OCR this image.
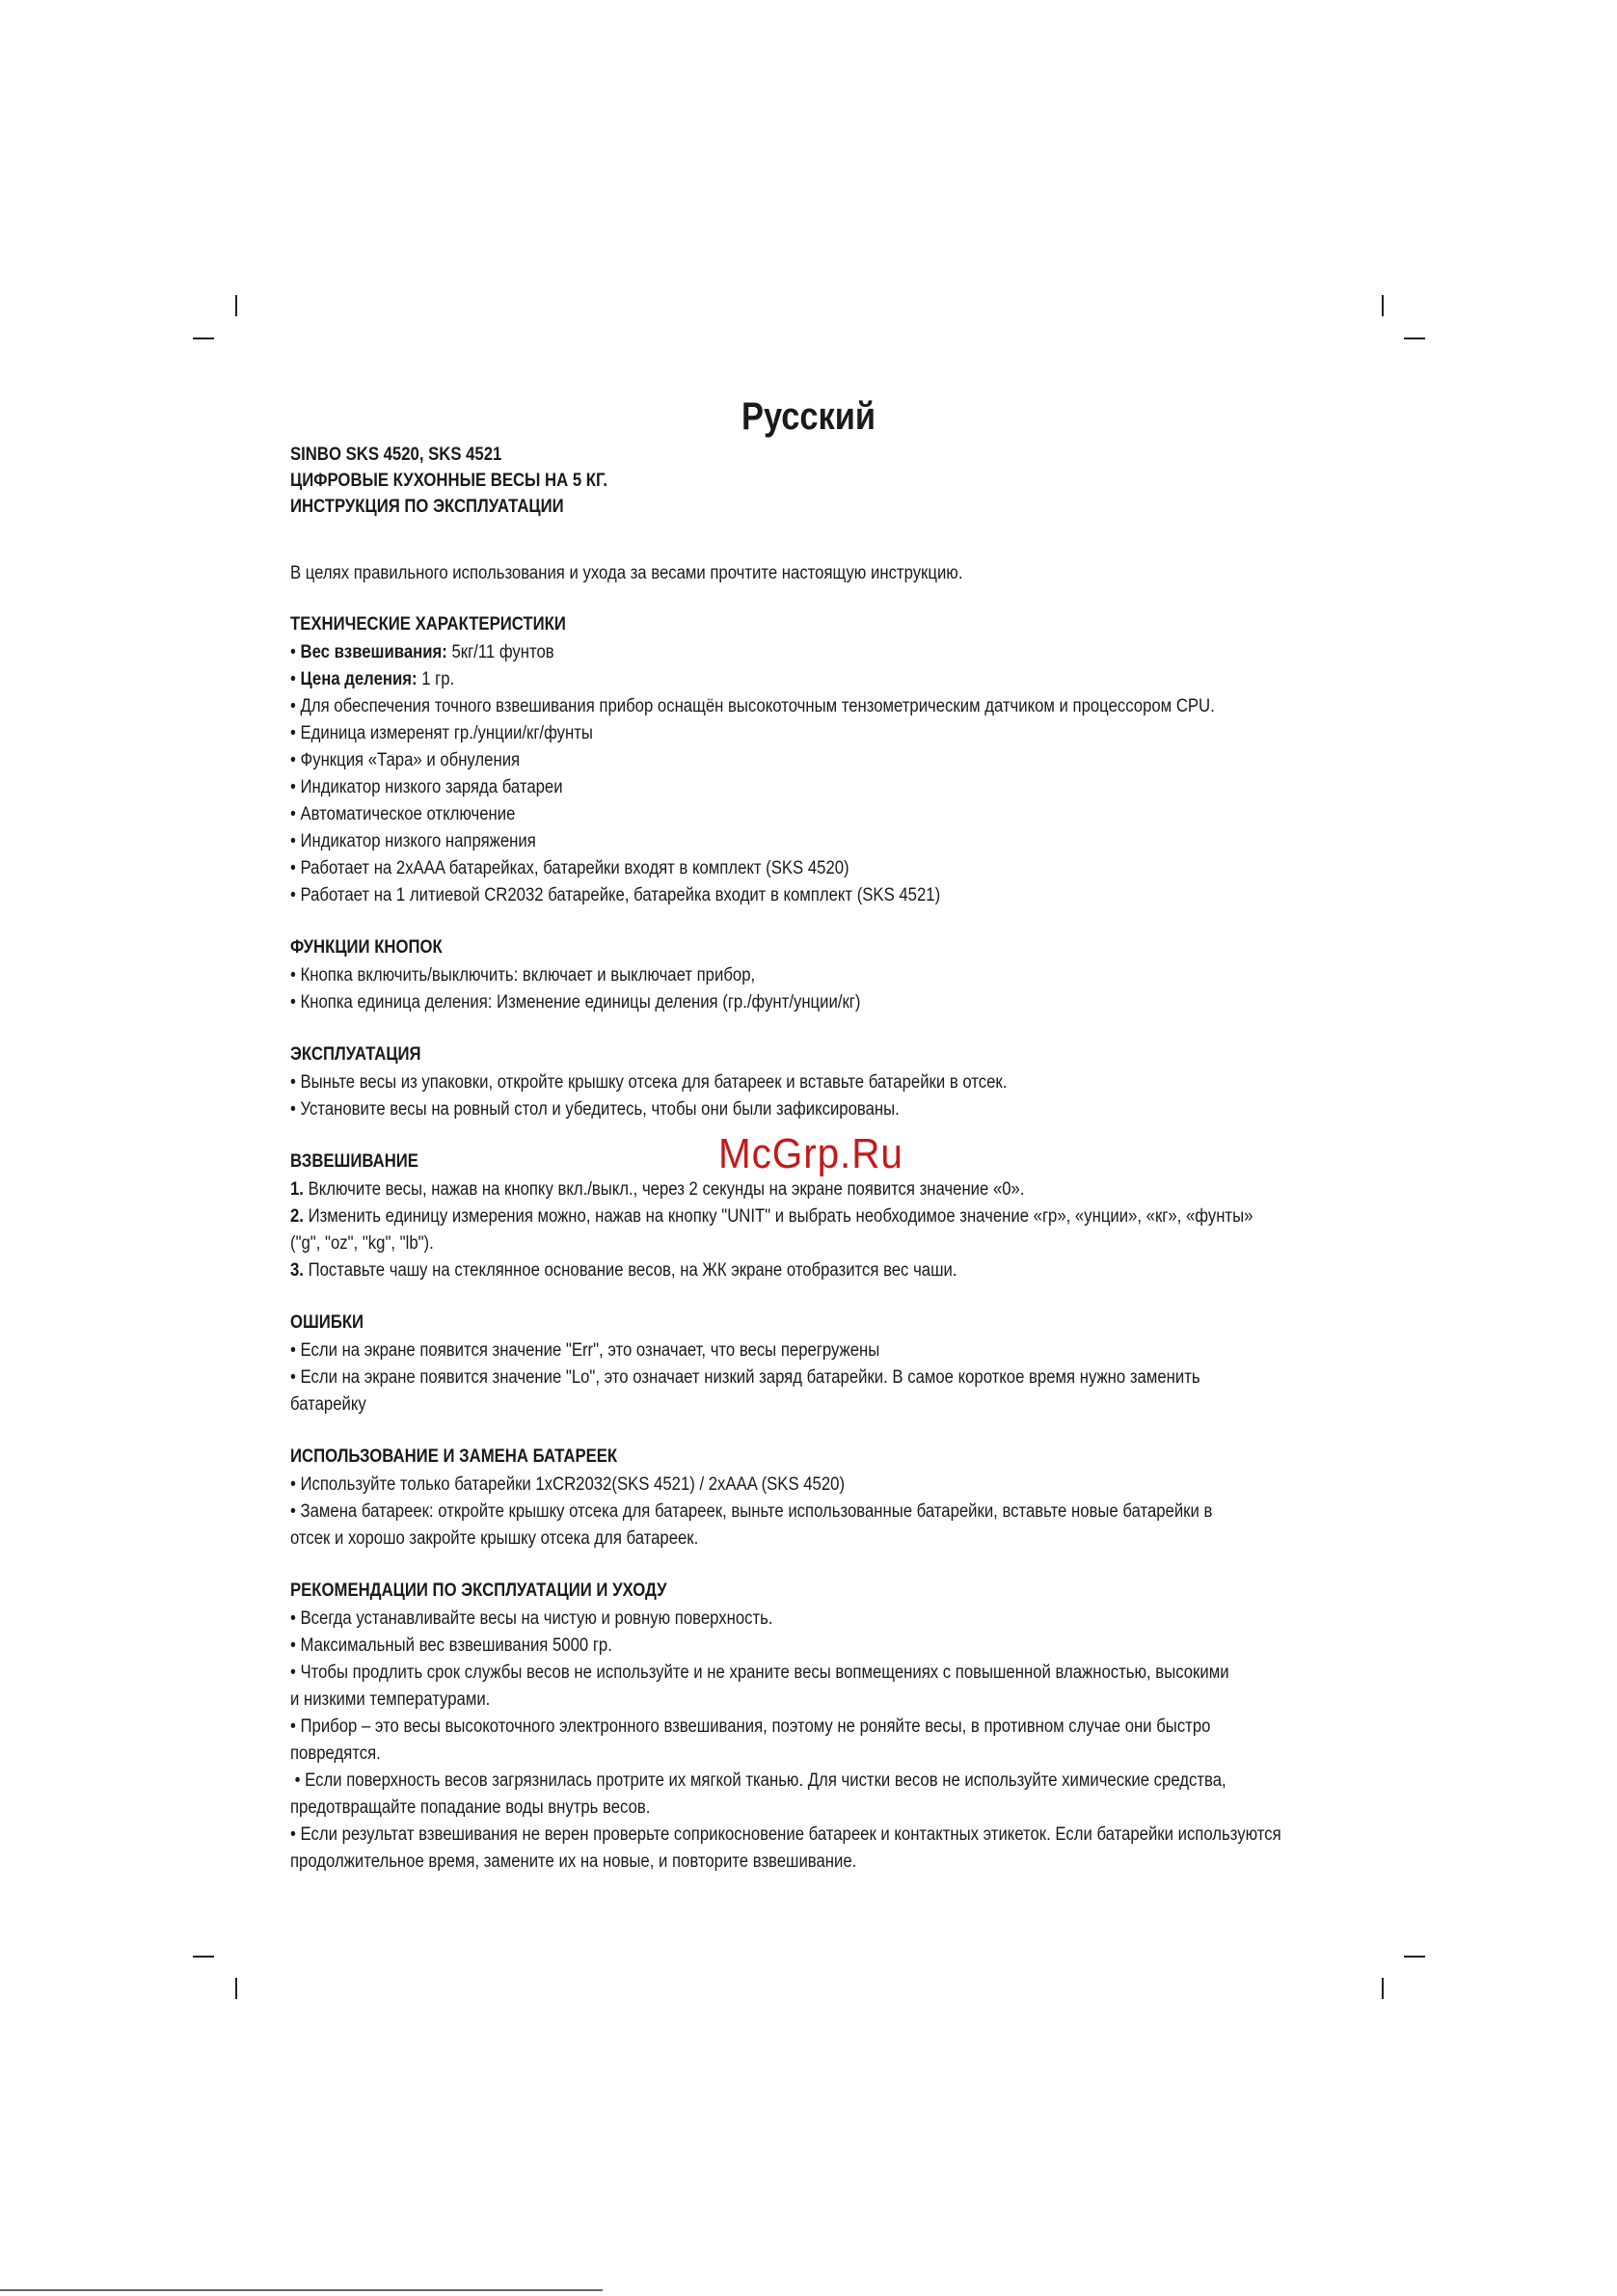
Русский
McGrp.Ru

SINBO SKS 4520, SKS 4521

ЦИФРОВЫЕ КУХОННЫЕ ВЕСЫ НА 5 КГ.

ИНСТРУКЦИЯ ПО ЭКСПЛУАТАЦИИ

В целях правильного использования и ухода за весами прочтите настоящую инструкцию.

ТЕХНИЧЕСКИЕ ХАРАКТЕРИСТИКИ

• Вес взвешивания: 5кг/11 фунтов

• Цена деления: 1 гр.

• Для обеспечения точного взвешивания прибор оснащён высокоточным тензометрическим датчиком и процессором CPU.

• Единица измеренят гр./унции/кг/фунты

• Функция «Тара» и обнуления

• Индикатор низкого заряда батареи

• Автоматическое отключение

• Индикатор низкого напряжения

• Работает на 2xAAA батарейках, батарейки входят в комплект (SKS 4520)

• Работает на 1 литиевой CR2032 батарейке, батарейка входит в комплект (SKS 4521)

ФУНКЦИИ КНОПОК

• Кнопка включить/выключить: включает и выключает прибор,

• Кнопка единица деления: Изменение единицы деления (гр./фунт/унции/кг)

ЭКСПЛУАТАЦИЯ

• Выньте весы из упаковки, откройте крышку отсека для батареек и вставьте батарейки в отсек.

• Установите весы на ровный стол и убедитесь, чтобы они были зафиксированы.

ВЗВЕШИВАНИЕ

1. Включите весы, нажав на кнопку вкл./выкл., через 2 секунды на экране появится значение «0».

2. Изменить единицу измерения можно, нажав на кнопку "UNIT" и выбрать необходимое значение «гр», «унции», «кг», «фунты»

("g", "oz", "kg", "lb").

3. Поставьте чашу на стеклянное основание весов, на ЖК экране отобразится вес чаши.

ОШИБКИ

• Если на экране появится значение "Err", это означает, что весы перегружены

• Если на экране появится значение "Lo", это означает низкий заряд батарейки. В самое короткое время нужно заменить

батарейку

ИСПОЛЬЗОВАНИЕ И ЗАМЕНА БАТАРЕЕК

• Используйте только батарейки 1xCR2032(SKS 4521) / 2xAAA (SKS 4520)

• Замена батареек: откройте крышку отсека для батареек, выньте использованные батарейки, вставьте новые батарейки в

отсек и хорошо закройте крышку отсека для батареек.

РЕКОМЕНДАЦИИ ПО ЭКСПЛУАТАЦИИ И УХОДУ

• Всегда устанавливайте весы на чистую и ровную поверхность.

• Максимальный вес взвешивания 5000 гр.

• Чтобы продлить срок службы весов не используйте и не храните весы вопмещениях с повышенной влажностью, высокими

и низкими температурами.

• Прибор – это весы высокоточного электронного взвешивания, поэтому не роняйте весы, в противном случае они быстро

повредятся.

• Если поверхность весов загрязнилась протрите их мягкой тканью. Для чистки весов не используйте химические средства,

предотвращайте попадание воды внутрь весов.

• Если результат взвешивания не верен проверьте соприкосновение батареек и контактных этикеток. Если батарейки используются

продолжительное время, замените их на новые, и повторите взвешивание.
